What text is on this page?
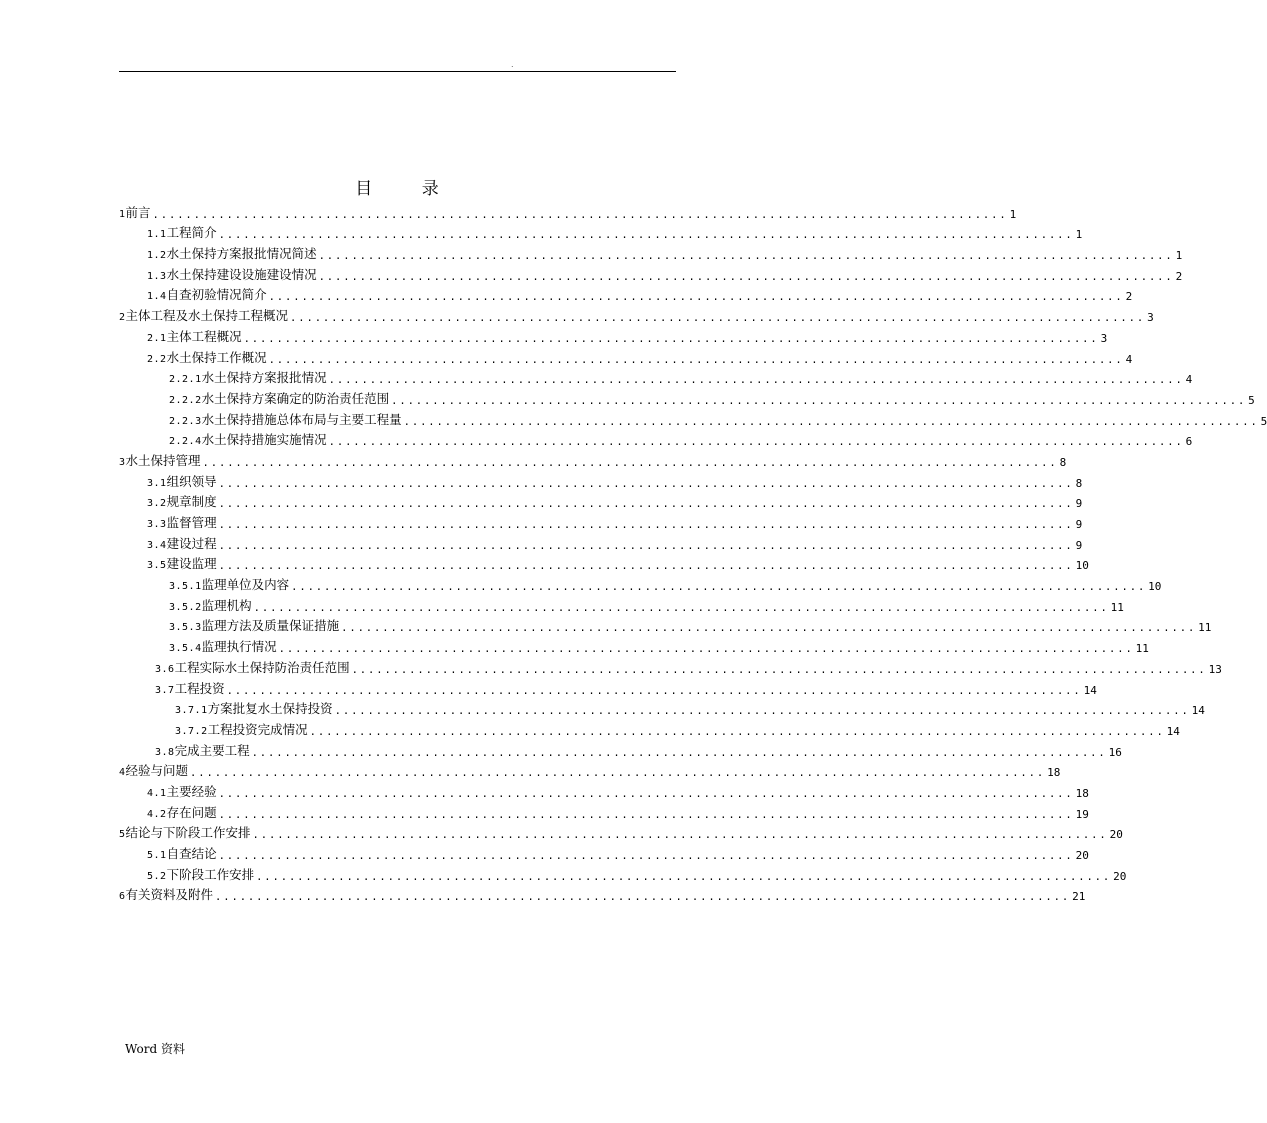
.
目 录
1前言 ........................................................................................................ 1
1.1工程简介 ........................................................................................................ 1
1.2水土保持方案报批情况简述 ........................................................................................................ 1
1.3水土保持建设设施建设情况 ........................................................................................................ 2
1.4自查初验情况简介 ........................................................................................................ 2
2主体工程及水土保持工程概况 ........................................................................................................ 3
2.1主体工程概况 ........................................................................................................ 3
2.2水土保持工作概况 ........................................................................................................ 4
2.2.1水土保持方案报批情况 ........................................................................................................ 4
2.2.2水土保持方案确定的防治责任范围 ........................................................................................................ 5
2.2.3水土保持措施总体布局与主要工程量 ........................................................................................................ 5
2.2.4水土保持措施实施情况 ........................................................................................................ 6
3水土保持管理 ........................................................................................................ 8
3.1组织领导 ........................................................................................................ 8
3.2规章制度 ........................................................................................................ 9
3.3监督管理 ........................................................................................................ 9
3.4建设过程 ........................................................................................................ 9
3.5建设监理 ........................................................................................................ 10
3.5.1监理单位及内容 ........................................................................................................ 10
3.5.2监理机构 ........................................................................................................ 11
3.5.3监理方法及质量保证措施 ........................................................................................................ 11
3.5.4监理执行情况 ........................................................................................................ 11
3.6工程实际水土保持防治责任范围 ........................................................................................................ 13
3.7工程投资 ........................................................................................................ 14
3.7.1方案批复水土保持投资 ........................................................................................................ 14
3.7.2工程投资完成情况 ........................................................................................................ 14
3.8完成主要工程 ........................................................................................................ 16
4经验与问题 ........................................................................................................ 18
4.1主要经验 ........................................................................................................ 18
4.2存在问题 ........................................................................................................ 19
5结论与下阶段工作安排 ........................................................................................................ 20
5.1自查结论 ........................................................................................................ 20
5.2下阶段工作安排 ........................................................................................................ 20
6有关资料及附件 ........................................................................................................ 21
Word 资料
